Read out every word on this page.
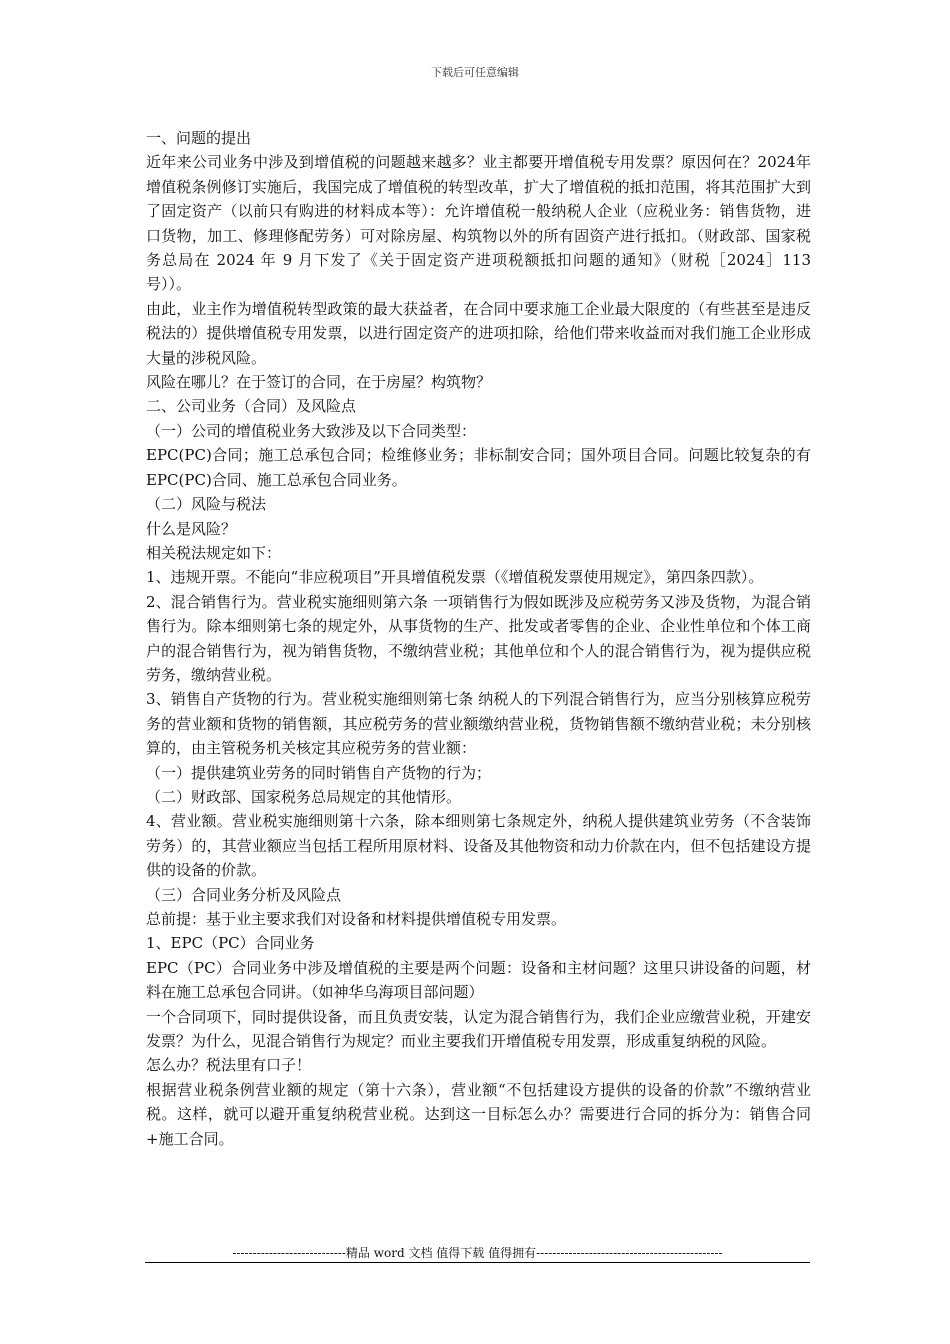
下载后可任意编辑

一、问题的提出

近年来公司业务中涉及到增值税的问题越来越多？业主都要开增值税专用发票？原因何在？2024年增值税条例修订实施后，我国完成了增值税的转型改革，扩大了增值税的抵扣范围，将其范围扩大到了固定资产（以前只有购进的材料成本等）：允许增值税一般纳税人企业（应税业务：销售货物，进口货物，加工、修理修配劳务）可对除房屋、构筑物以外的所有固资产进行抵扣。（财政部、国家税务总局在 2024 年 9 月下发了《关于固定资产进项税额抵扣问题的通知》（财税［2024］113 号））。

由此，业主作为增值税转型政策的最大获益者，在合同中要求施工企业最大限度的（有些甚至是违反税法的）提供增值税专用发票，以进行固定资产的进项扣除，给他们带来收益而对我们施工企业形成大量的涉税风险。

风险在哪儿？在于签订的合同，在于房屋？构筑物？

二、公司业务（合同）及风险点

（一）公司的增值税业务大致涉及以下合同类型：

EPC(PC)合同；施工总承包合同；检维修业务；非标制安合同；国外项目合同。问题比较复杂的有 EPC(PC)合同、施工总承包合同业务。

（二）风险与税法

什么是风险？

相关税法规定如下：

1、违规开票。不能向“非应税项目”开具增值税发票（《增值税发票使用规定》，第四条四款）。

2、混合销售行为。营业税实施细则第六条 一项销售行为假如既涉及应税劳务又涉及货物，为混合销售行为。除本细则第七条的规定外，从事货物的生产、批发或者零售的企业、企业性单位和个体工商户的混合销售行为，视为销售货物，不缴纳营业税；其他单位和个人的混合销售行为，视为提供应税劳务，缴纳营业税。

3、销售自产货物的行为。营业税实施细则第七条 纳税人的下列混合销售行为，应当分别核算应税劳务的营业额和货物的销售额，其应税劳务的营业额缴纳营业税，货物销售额不缴纳营业税；未分别核算的，由主管税务机关核定其应税劳务的营业额：

（一）提供建筑业劳务的同时销售自产货物的行为；

（二）财政部、国家税务总局规定的其他情形。

4、营业额。营业税实施细则第十六条，除本细则第七条规定外，纳税人提供建筑业劳务（不含装饰劳务）的，其营业额应当包括工程所用原材料、设备及其他物资和动力价款在内，但不包括建设方提供的设备的价款。

（三）合同业务分析及风险点

总前提：基于业主要求我们对设备和材料提供增值税专用发票。

1、EPC（PC）合同业务

EPC（PC）合同业务中涉及增值税的主要是两个问题：设备和主材问题？这里只讲设备的问题，材料在施工总承包合同讲。（如神华乌海项目部问题）

一个合同项下，同时提供设备，而且负责安装，认定为混合销售行为，我们企业应缴营业税，开建安发票？为什么，见混合销售行为规定？而业主要我们开增值税专用发票，形成重复纳税的风险。

怎么办？税法里有口子！

根据营业税条例营业额的规定（第十六条），营业额“不包括建设方提供的设备的价款”不缴纳营业税。这样，就可以避开重复纳税营业税。达到这一目标怎么办？需要进行合同的拆分为：销售合同+施工合同。

----------------------------精品 word 文档 值得下载 值得拥有----------------------------------------------
